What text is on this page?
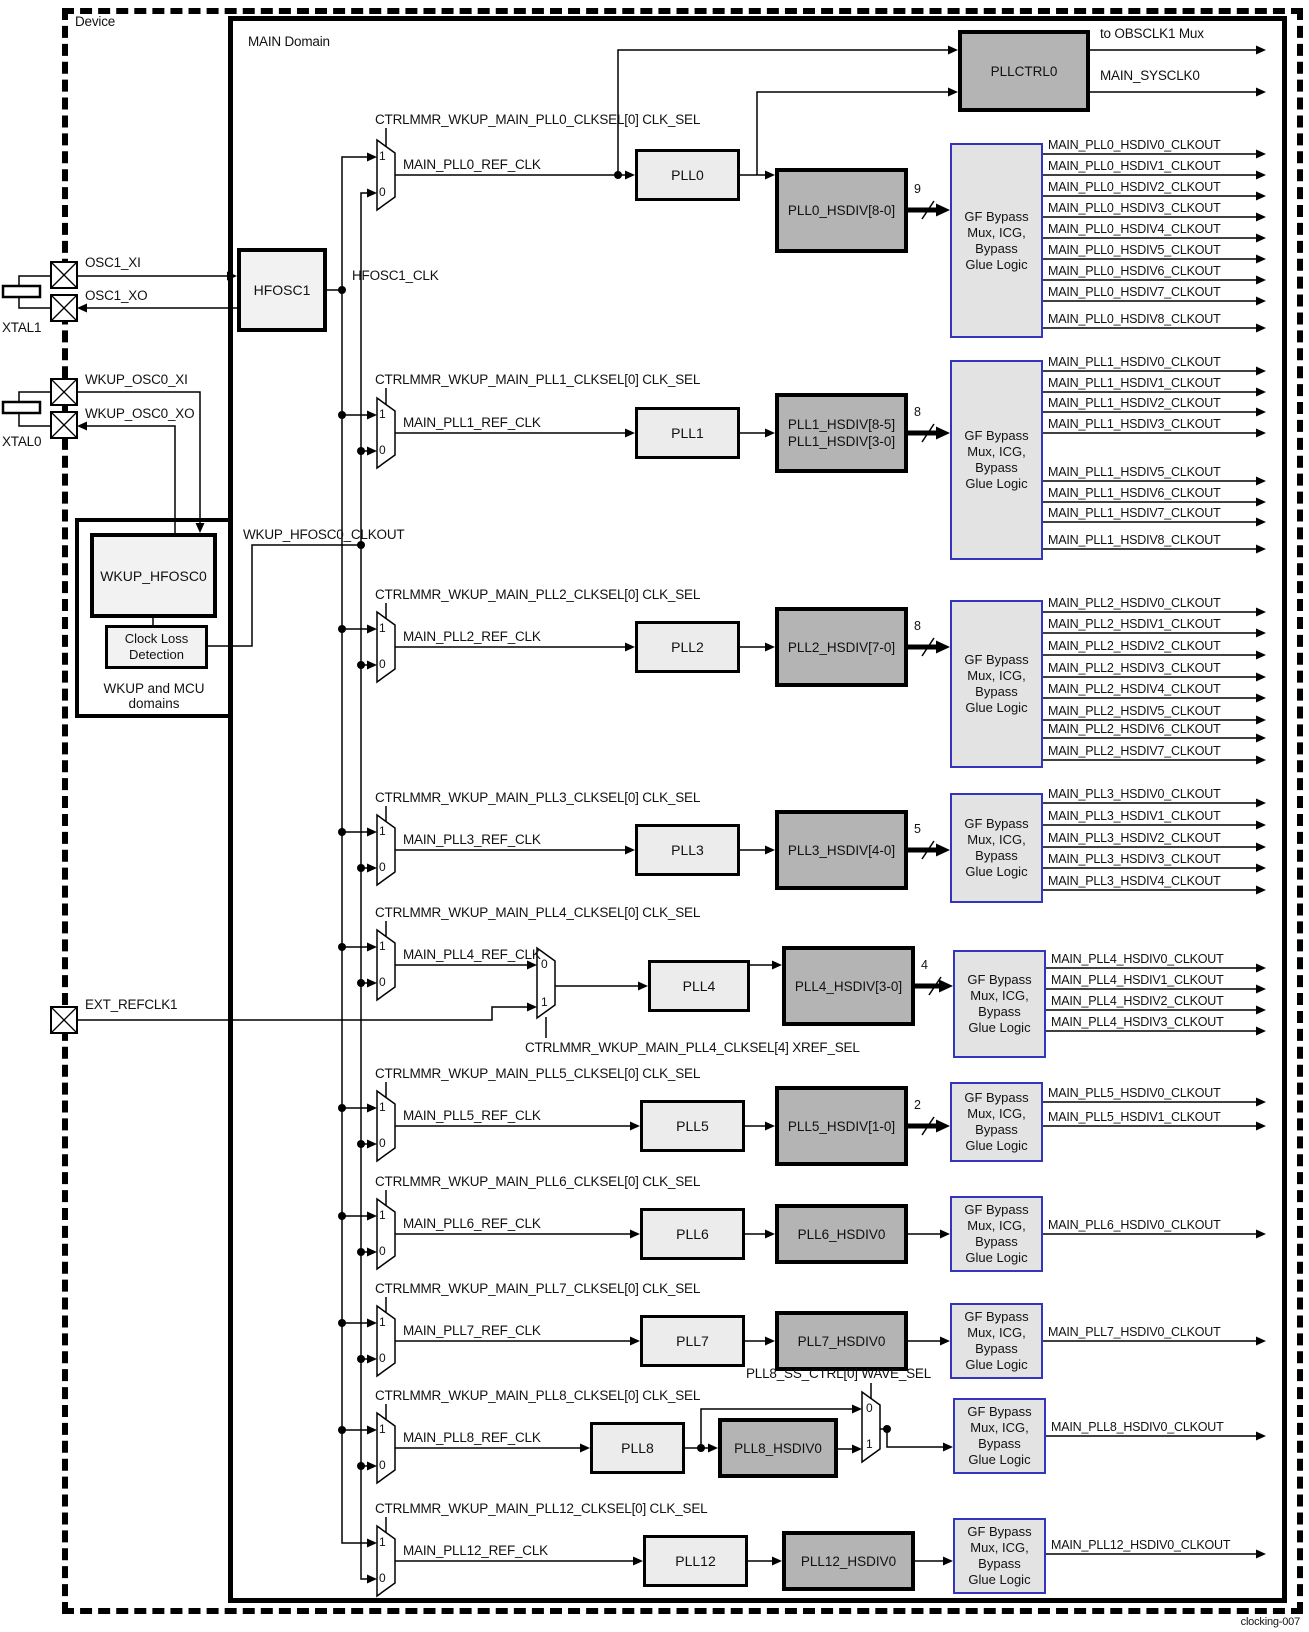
Device
MAIN Domain
clocking-007
XTAL1
OSC1_XI
OSC1_XO
XTAL0
WKUP_OSC0_XI
WKUP_OSC0_XO
EXT_REFCLK1
HFOSC1
HFOSC1_CLK
WKUP_HFOSC0
Clock Loss
Detection
WKUP and MCU
domains
WKUP_HFOSC0_CLKOUT
PLLCTRL0
to OBSCLK1 Mux
MAIN_SYSCLK0
CTRLMMR_WKUP_MAIN_PLL0_CLKSEL[0] CLK_SEL
1
0
PLL0
PLL0_HSDIV[8-0]	GF Bypass
Mux, ICG,
Bypass
Glue Logic
MAIN_PLL0_REF_CLK
9
MAIN_PLL0_HSDIV0_CLKOUT
MAIN_PLL0_HSDIV1_CLKOUT
MAIN_PLL0_HSDIV2_CLKOUT
MAIN_PLL0_HSDIV3_CLKOUT
MAIN_PLL0_HSDIV4_CLKOUT
MAIN_PLL0_HSDIV5_CLKOUT
MAIN_PLL0_HSDIV6_CLKOUT
MAIN_PLL0_HSDIV7_CLKOUT
MAIN_PLL0_HSDIV8_CLKOUT
CTRLMMR_WKUP_MAIN_PLL1_CLKSEL[0] CLK_SEL
1
0
PLL1
PLL1_HSDIV[8-5]
PLL1_HSDIV[3-0]	GF Bypass
Mux, ICG,
Bypass
Glue Logic
MAIN_PLL1_REF_CLK
8
MAIN_PLL1_HSDIV0_CLKOUT
MAIN_PLL1_HSDIV1_CLKOUT
MAIN_PLL1_HSDIV2_CLKOUT
MAIN_PLL1_HSDIV3_CLKOUT
MAIN_PLL1_HSDIV5_CLKOUT
MAIN_PLL1_HSDIV6_CLKOUT
MAIN_PLL1_HSDIV7_CLKOUT
MAIN_PLL1_HSDIV8_CLKOUT
CTRLMMR_WKUP_MAIN_PLL2_CLKSEL[0] CLK_SEL
1
0
PLL2	PLL2_HSDIV[7-0]
GF Bypass
Mux, ICG,
Bypass
Glue Logic
MAIN_PLL2_REF_CLK
8
MAIN_PLL2_HSDIV0_CLKOUT
MAIN_PLL2_HSDIV1_CLKOUT
MAIN_PLL2_HSDIV2_CLKOUT
MAIN_PLL2_HSDIV3_CLKOUT
MAIN_PLL2_HSDIV4_CLKOUT
MAIN_PLL2_HSDIV5_CLKOUT
MAIN_PLL2_HSDIV6_CLKOUT
MAIN_PLL2_HSDIV7_CLKOUT
CTRLMMR_WKUP_MAIN_PLL3_CLKSEL[0] CLK_SEL
1
0
PLL3	PLL3_HSDIV[4-0]
GF Bypass
Mux, ICG,
Bypass
Glue Logic
MAIN_PLL3_REF_CLK
5
MAIN_PLL3_HSDIV0_CLKOUT
MAIN_PLL3_HSDIV1_CLKOUT
MAIN_PLL3_HSDIV2_CLKOUT
MAIN_PLL3_HSDIV3_CLKOUT
MAIN_PLL3_HSDIV4_CLKOUT
CTRLMMR_WKUP_MAIN_PLL4_CLKSEL[0] CLK_SEL
1
0	PLL4	PLL4_HSDIV[3-0]	GF Bypass
Mux, ICG,
Bypass
Glue Logic
MAIN_PLL4_REF_CLK
0
1
CTRLMMR_WKUP_MAIN_PLL4_CLKSEL[4] XREF_SEL
4	MAIN_PLL4_HSDIV0_CLKOUT
MAIN_PLL4_HSDIV1_CLKOUT
MAIN_PLL4_HSDIV2_CLKOUT
MAIN_PLL4_HSDIV3_CLKOUT
CTRLMMR_WKUP_MAIN_PLL5_CLKSEL[0] CLK_SEL
1
0
PLL5	PLL5_HSDIV[1-0]
GF Bypass
Mux, ICG,
Bypass
Glue Logic
MAIN_PLL5_REF_CLK
2
MAIN_PLL5_HSDIV0_CLKOUT
MAIN_PLL5_HSDIV1_CLKOUT
CTRLMMR_WKUP_MAIN_PLL6_CLKSEL[0] CLK_SEL
1
0
PLL6	PLL6_HSDIV0
GF Bypass
Mux, ICG,
Bypass
Glue Logic
MAIN_PLL6_REF_CLK	MAIN_PLL6_HSDIV0_CLKOUT
CTRLMMR_WKUP_MAIN_PLL7_CLKSEL[0] CLK_SEL
1
0
PLL7	PLL7_HSDIV0
GF Bypass
Mux, ICG,
Bypass
Glue Logic
MAIN_PLL7_REF_CLK	MAIN_PLL7_HSDIV0_CLKOUT
CTRLMMR_WKUP_MAIN_PLL8_CLKSEL[0] CLK_SEL
1
0
PLL8	PLL8_HSDIV0
GF Bypass
Mux, ICG,
Bypass
Glue Logic
MAIN_PLL8_REF_CLK
0
1
PLL8_SS_CTRL[0] WAVE_SEL
MAIN_PLL8_HSDIV0_CLKOUT
CTRLMMR_WKUP_MAIN_PLL12_CLKSEL[0] CLK_SEL
1
0
PLL12	PLL12_HSDIV0
GF Bypass
Mux, ICG,
Bypass
Glue Logic
MAIN_PLL12_REF_CLK	MAIN_PLL12_HSDIV0_CLKOUT
